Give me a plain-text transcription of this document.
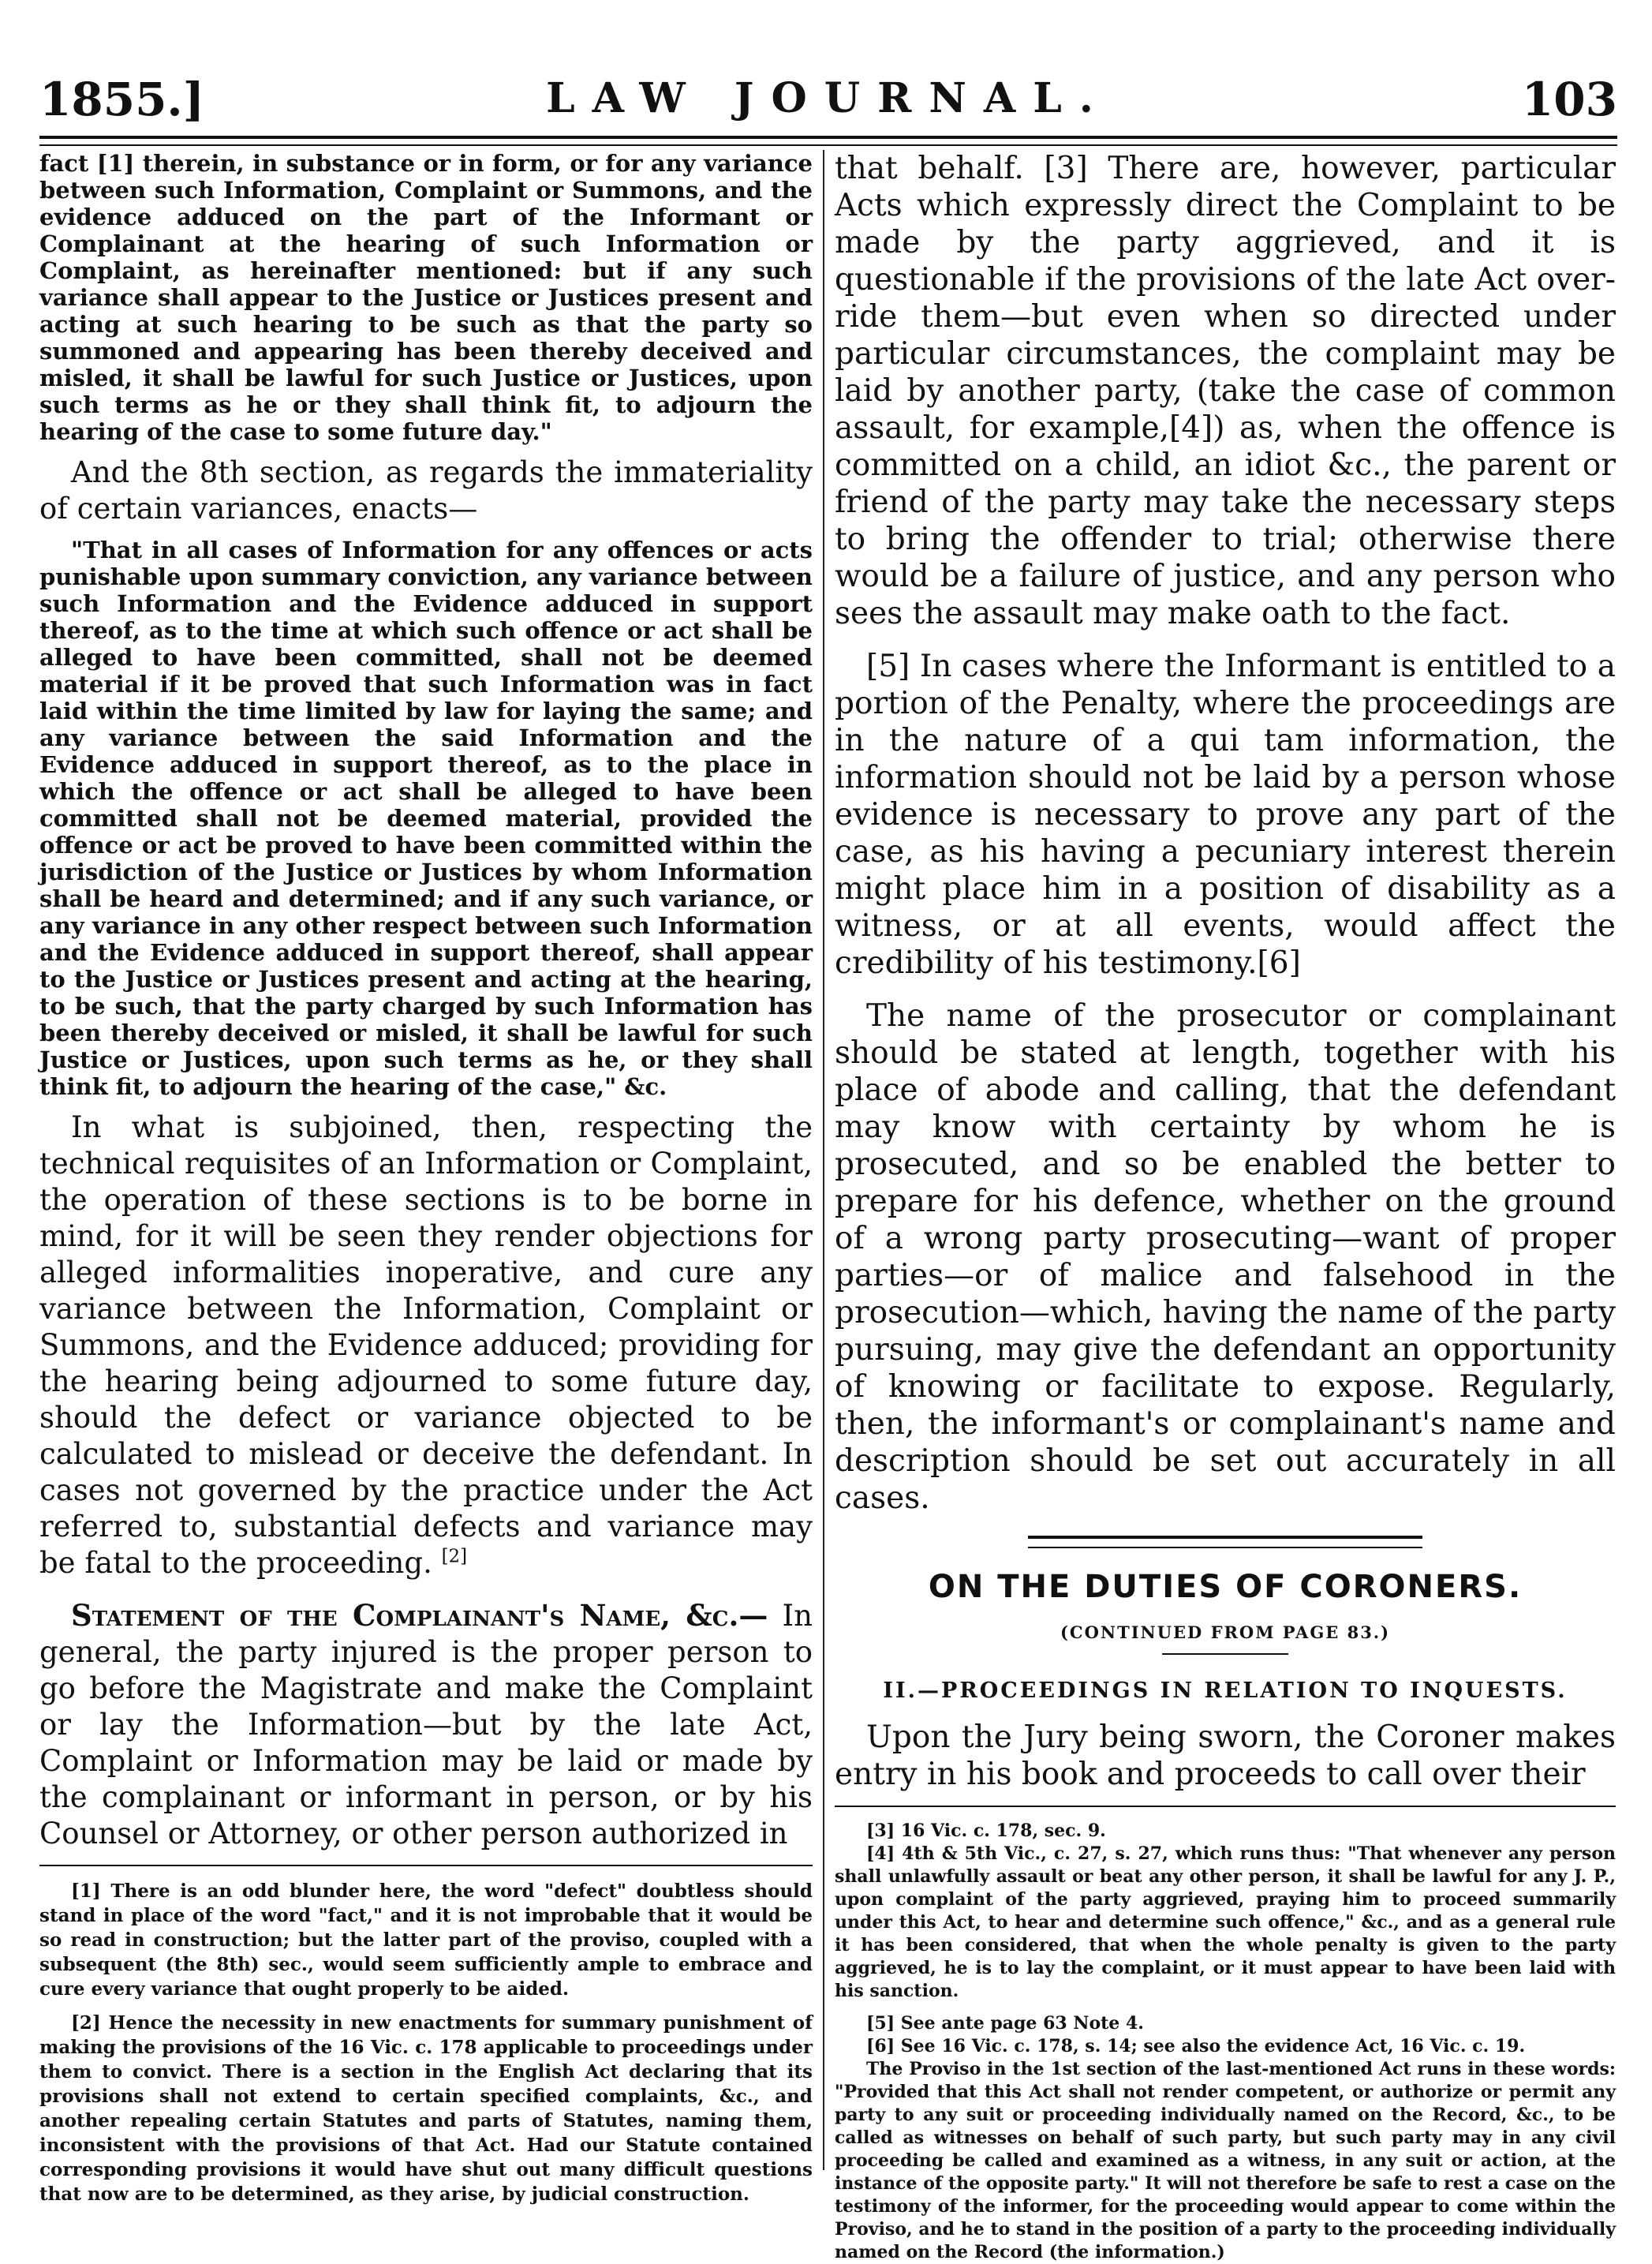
1855.]	LAW JOURNAL.	103

fact [1] therein, in substance or in form, or for any variance between such Information, Complaint or Summons, and the evidence adduced on the part of the Informant or Complainant at the hearing of such Information or Complaint, as hereinafter mentioned: but if any such variance shall appear to the Justice or Justices present and acting at such hearing to be such as that the party so summoned and appearing has been thereby deceived and misled, it shall be lawful for such Justice or Justices, upon such terms as he or they shall think fit, to adjourn the hearing of the case to some future day."

And the 8th section, as regards the immateriality of certain variances, enacts—

"That in all cases of Information for any offences or acts punishable upon summary conviction, any variance between such Information and the Evidence adduced in support thereof, as to the time at which such offence or act shall be alleged to have been committed, shall not be deemed material if it be proved that such Information was in fact laid within the time limited by law for laying the same; and any variance between the said Information and the Evidence adduced in support thereof, as to the place in which the offence or act shall be alleged to have been committed shall not be deemed material, provided the offence or act be proved to have been committed within the jurisdiction of the Justice or Justices by whom Information shall be heard and determined; and if any such variance, or any variance in any other respect between such Information and the Evidence adduced in support thereof, shall appear to the Justice or Justices present and acting at the hearing, to be such, that the party charged by such Information has been thereby deceived or misled, it shall be lawful for such Justice or Justices, upon such terms as he, or they shall think fit, to adjourn the hearing of the case," &c.

In what is subjoined, then, respecting the technical requisites of an Information or Complaint, the operation of these sections is to be borne in mind, for it will be seen they render objections for alleged informalities inoperative, and cure any variance between the Information, Complaint or Summons, and the Evidence adduced; providing for the hearing being adjourned to some future day, should the defect or variance objected to be calculated to mislead or deceive the defendant. In cases not governed by the practice under the Act referred to, substantial defects and variance may be fatal to the proceeding. [2]

Statement of the Complainant's Name, &c.— In general, the party injured is the proper person to go before the Magistrate and make the Complaint or lay the Information—but by the late Act, Complaint or Information may be laid or made by the complainant or informant in person, or by his Counsel or Attorney, or other person authorized in

[1] There is an odd blunder here, the word "defect" doubtless should stand in place of the word "fact," and it is not improbable that it would be so read in construction; but the latter part of the proviso, coupled with a subsequent (the 8th) sec., would seem sufficiently ample to embrace and cure every variance that ought properly to be aided.

[2] Hence the necessity in new enactments for summary punishment of making the provisions of the 16 Vic. c. 178 applicable to proceedings under them to convict. There is a section in the English Act declaring that its provisions shall not extend to certain specified complaints, &c., and another repealing certain Statutes and parts of Statutes, naming them, inconsistent with the provisions of that Act. Had our Statute contained corresponding provisions it would have shut out many difficult questions that now are to be determined, as they arise, by judicial construction.

that behalf. [3] There are, however, particular Acts which expressly direct the Complaint to be made by the party aggrieved, and it is questionable if the provisions of the late Act over-ride them—but even when so directed under particular circumstances, the complaint may be laid by another party, (take the case of common assault, for example,[4]) as, when the offence is committed on a child, an idiot &c., the parent or friend of the party may take the necessary steps to bring the offender to trial; otherwise there would be a failure of justice, and any person who sees the assault may make oath to the fact.

[5] In cases where the Informant is entitled to a portion of the Penalty, where the proceedings are in the nature of a qui tam information, the information should not be laid by a person whose evidence is necessary to prove any part of the case, as his having a pecuniary interest therein might place him in a position of disability as a witness, or at all events, would affect the credibility of his testimony.[6]

The name of the prosecutor or complainant should be stated at length, together with his place of abode and calling, that the defendant may know with certainty by whom he is prosecuted, and so be enabled the better to prepare for his defence, whether on the ground of a wrong party prosecuting—want of proper parties—or of malice and falsehood in the prosecution—which, having the name of the party pursuing, may give the defendant an opportunity of knowing or facilitate to expose. Regularly, then, the informant's or complainant's name and description should be set out accurately in all cases.

ON THE DUTIES OF CORONERS.
(CONTINUED FROM PAGE 83.)
II.—PROCEEDINGS IN RELATION TO INQUESTS.

Upon the Jury being sworn, the Coroner makes entry in his book and proceeds to call over their

[3] 16 Vic. c. 178, sec. 9.

[4] 4th & 5th Vic., c. 27, s. 27, which runs thus: "That whenever any person shall unlawfully assault or beat any other person, it shall be lawful for any J. P., upon complaint of the party aggrieved, praying him to proceed summarily under this Act, to hear and determine such offence," &c., and as a general rule it has been considered, that when the whole penalty is given to the party aggrieved, he is to lay the complaint, or it must appear to have been laid with his sanction.

[5] See ante page 63 Note 4.

[6] See 16 Vic. c. 178, s. 14; see also the evidence Act, 16 Vic. c. 19.

The Proviso in the 1st section of the last-mentioned Act runs in these words: "Provided that this Act shall not render competent, or authorize or permit any party to any suit or proceeding individually named on the Record, &c., to be called as witnesses on behalf of such party, but such party may in any civil proceeding be called and examined as a witness, in any suit or action, at the instance of the opposite party." It will not therefore be safe to rest a case on the testimony of the informer, for the proceeding would appear to come within the Proviso, and he to stand in the position of a party to the proceeding individually named on the Record (the information.)
